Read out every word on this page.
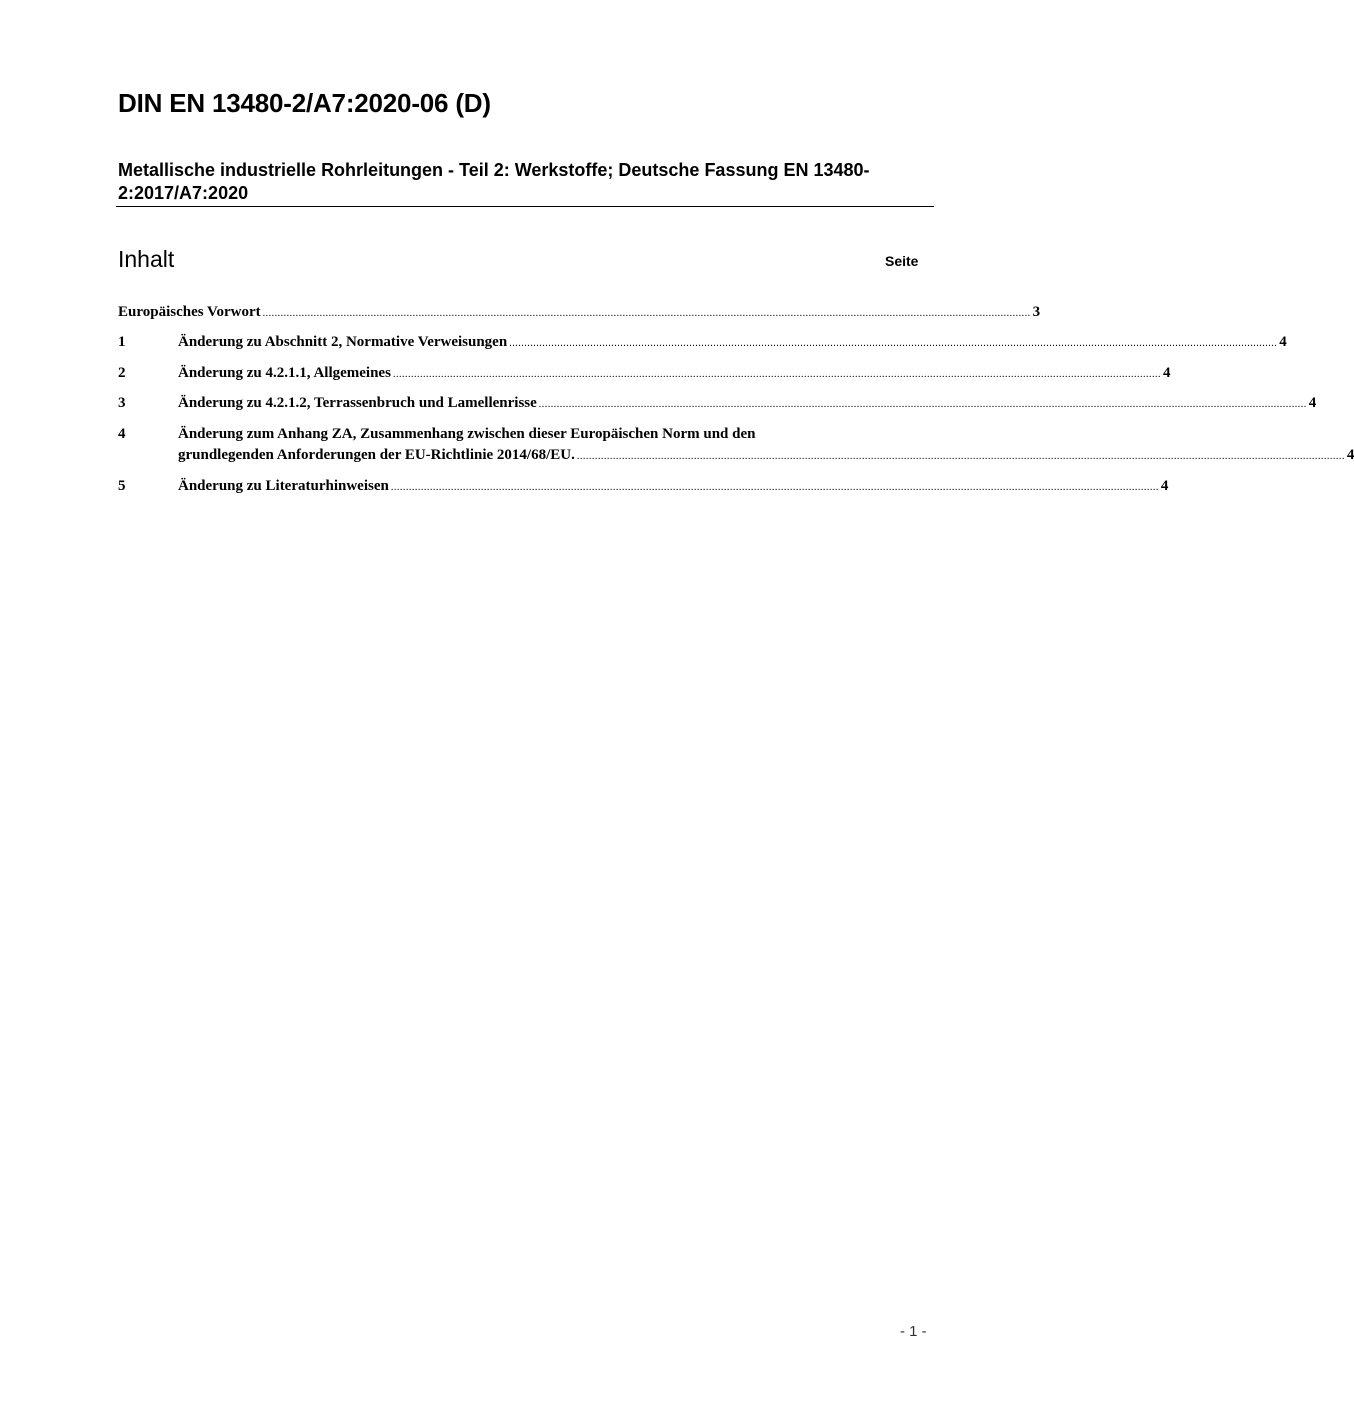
DIN EN 13480-2/A7:2020-06 (D)
Metallische industrielle Rohrleitungen - Teil 2: Werkstoffe; Deutsche Fassung EN 13480-2:2017/A7:2020
Inhalt	Seite
Europäisches Vorwort ................................................................................................................................................................................................................................................................ 3
1	Änderung zu Abschnitt 2, Normative Verweisungen ................................................................................................................................................................................................................................................................ 4
2	Änderung zu 4.2.1.1, Allgemeines ................................................................................................................................................................................................................................................................ 4
3	Änderung zu 4.2.1.2, Terrassenbruch und Lamellenrisse ................................................................................................................................................................................................................................................................ 4
4	Änderung zum Anhang ZA, Zusammenhang zwischen dieser Europäischen Norm und den
grundlegenden Anforderungen der EU-Richtlinie 2014/68/EU. ................................................................................................................................................................................................................................................................ 4
5	Änderung zu Literaturhinweisen ................................................................................................................................................................................................................................................................ 4
- 1 -
